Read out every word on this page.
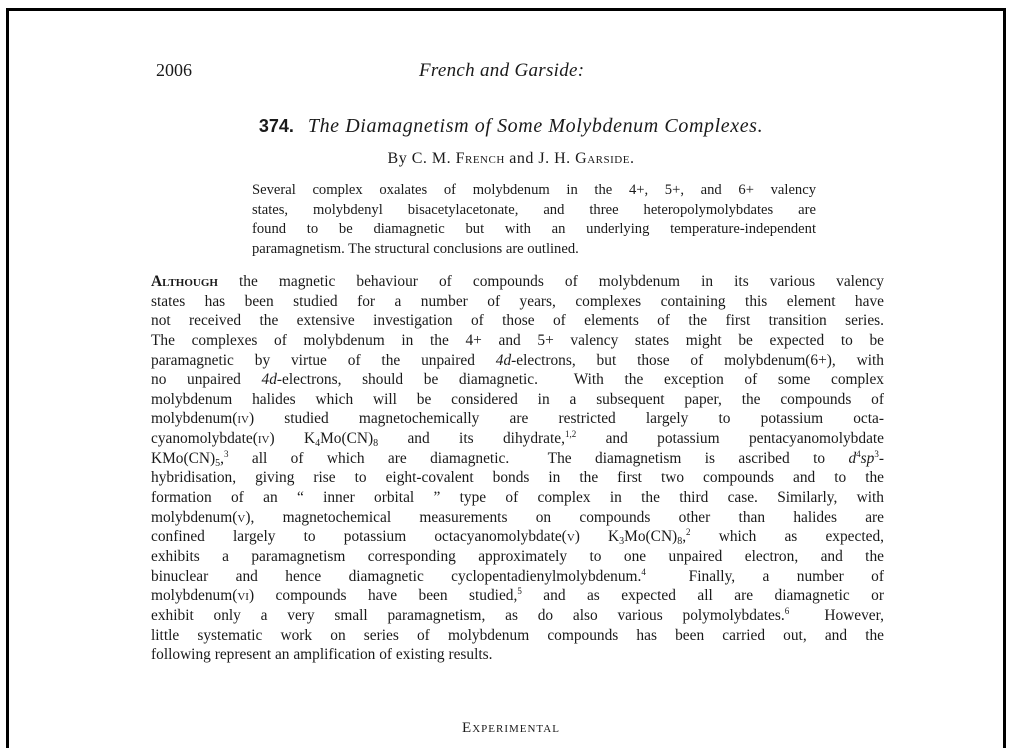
2006	French and Garside:
374. The Diamagnetism of Some Molybdenum Complexes.
By C. M. French and J. H. Garside.
Several complex oxalates of molybdenum in the 4+, 5+, and 6+ valency
states, molybdenyl bisacetylacetonate, and three heteropolymolybdates are
found to be diamagnetic but with an underlying temperature-independent
paramagnetism. The structural conclusions are outlined.
Although the magnetic behaviour of compounds of molybdenum in its various valency
states has been studied for a number of years, complexes containing this element have
not received the extensive investigation of those of elements of the first transition series.
The complexes of molybdenum in the 4+ and 5+ valency states might be expected to be
paramagnetic by virtue of the unpaired 4d-electrons, but those of molybdenum(6+), with
no unpaired 4d-electrons, should be diamagnetic.  With the exception of some complex
molybdenum halides which will be considered in a subsequent paper, the compounds of
molybdenum(iv) studied magnetochemically are restricted largely to potassium octa-
cyanomolybdate(iv) $K_4Mo(CN)_8$ and its dihydrate,$^{1,2}$ and potassium pentacyanomolybdate
$KMo(CN)_5,^3$ all of which are diamagnetic.  The diamagnetism is ascribed to $d^4sp^3-$
hybridisation, giving rise to eight-covalent bonds in the first two compounds and to the
formation of an “ inner orbital ” type of complex in the third case. Similarly, with
molybdenum(v), magnetochemical measurements on compounds other than halides are
confined largely to potassium octacyanomolybdate(v) $K_3Mo(CN)_8,^2$ which as expected,
exhibits a paramagnetism corresponding approximately to one unpaired electron, and the
binuclear and hence diamagnetic cyclopentadienylmolybdenum.$^4$  Finally, a number of
molybdenum(vi) compounds have been studied,$^5$ and as expected all are diamagnetic or
exhibit only a very small paramagnetism, as do also various polymolybdates.$^6$  However,
little systematic work on series of molybdenum compounds has been carried out, and the
following represent an amplification of existing results.
Experimental
